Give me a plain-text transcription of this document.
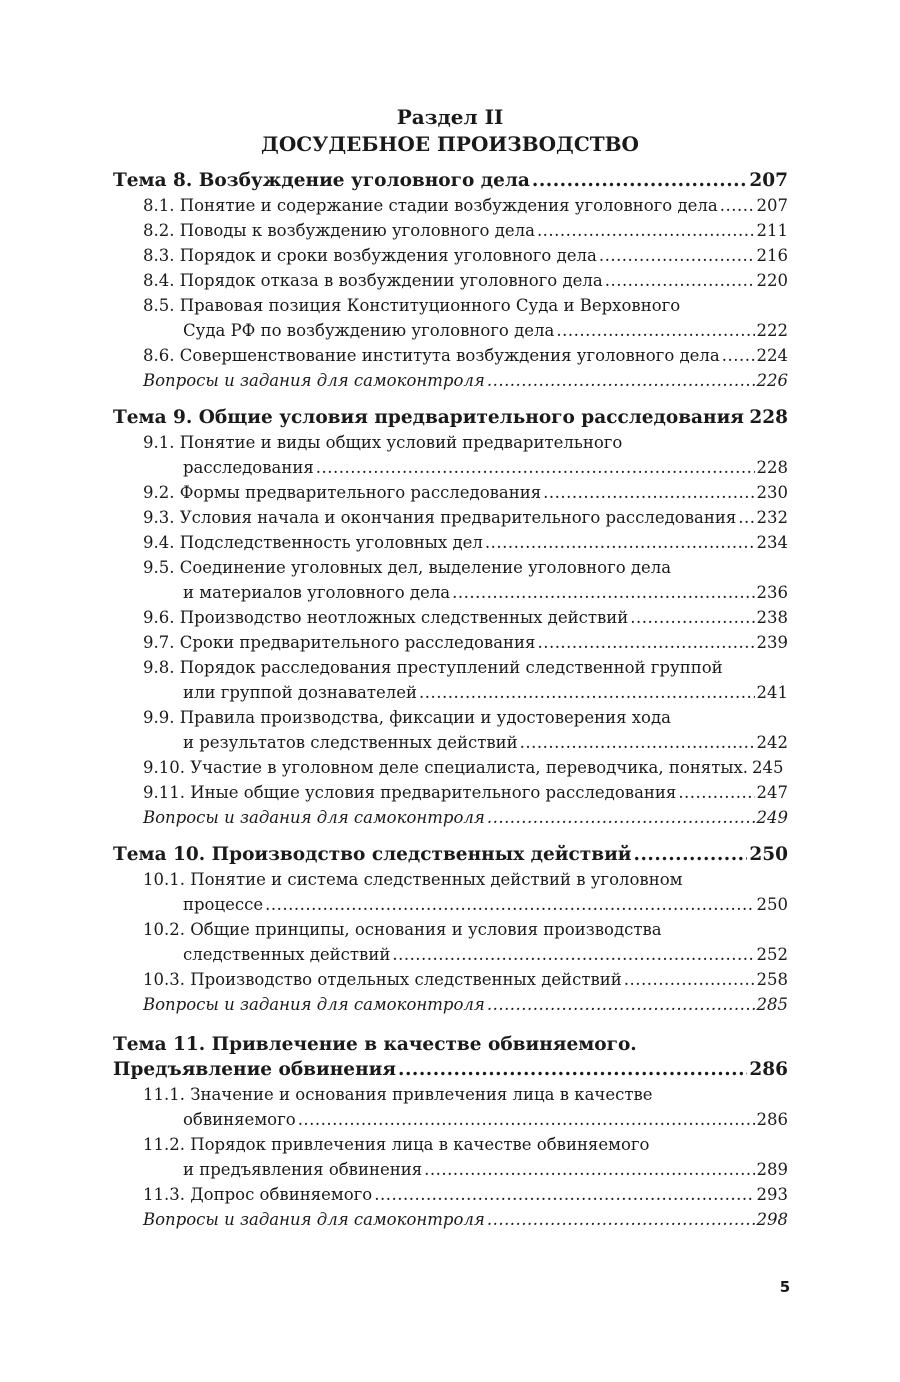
Раздел II
ДОСУДЕБНОЕ ПРОИЗВОДСТВО
Тема 8. Возбуждение уголовного дела .....	207
8.1. Понятие и содержание стадии возбуждения уголовного дела ..... 207
8.2. Поводы к возбуждению уголовного дела .....	211
8.3. Порядок и сроки возбуждения уголовного дела .....	216
8.4. Порядок отказа в возбуждении уголовного дела .....	220
8.5. Правовая позиция Конституционного Суда и Верховного
Суда РФ по возбуждению уголовного дела .....	222
8.6. Совершенствование института возбуждения уголовного дела ..... 224
Вопросы и задания для самоконтроля .....	226
Тема 9. Общие условия предварительного расследования ..... 228
9.1. Понятие и виды общих условий предварительного
расследования .....	228
9.2. Формы предварительного расследования .....	230
9.3. Условия начала и окончания предварительного расследования ..... 232
9.4. Подследственность уголовных дел .....	234
9.5. Соединение уголовных дел, выделение уголовного дела
и материалов уголовного дела .....	236
9.6. Производство неотложных следственных действий .....	238
9.7. Сроки предварительного расследования .....	239
9.8. Порядок расследования преступлений следственной группой
или группой дознавателей .....	241
9.9. Правила производства, фиксации и удостоверения хода
и результатов следственных действий .....	242
9.10. Участие в уголовном деле специалиста, переводчика, понятых. 245
9.11. Иные общие условия предварительного расследования .....	247
Вопросы и задания для самоконтроля .....	249
Тема 10. Производство следственных действий .....	250
10.1. Понятие и система следственных действий в уголовном
процессе .....	250
10.2. Общие принципы, основания и условия производства
следственных действий .....	252
10.3. Производство отдельных следственных действий .....	258
Вопросы и задания для самоконтроля .....	285
Тема 11. Привлечение в качестве обвиняемого.
Предъявление обвинения .....	286
11.1. Значение и основания привлечения лица в качестве
обвиняемого .....	286
11.2. Порядок привлечения лица в качестве обвиняемого
и предъявления обвинения .....	289
11.3. Допрос обвиняемого .....	293
Вопросы и задания для самоконтроля .....	298
5
